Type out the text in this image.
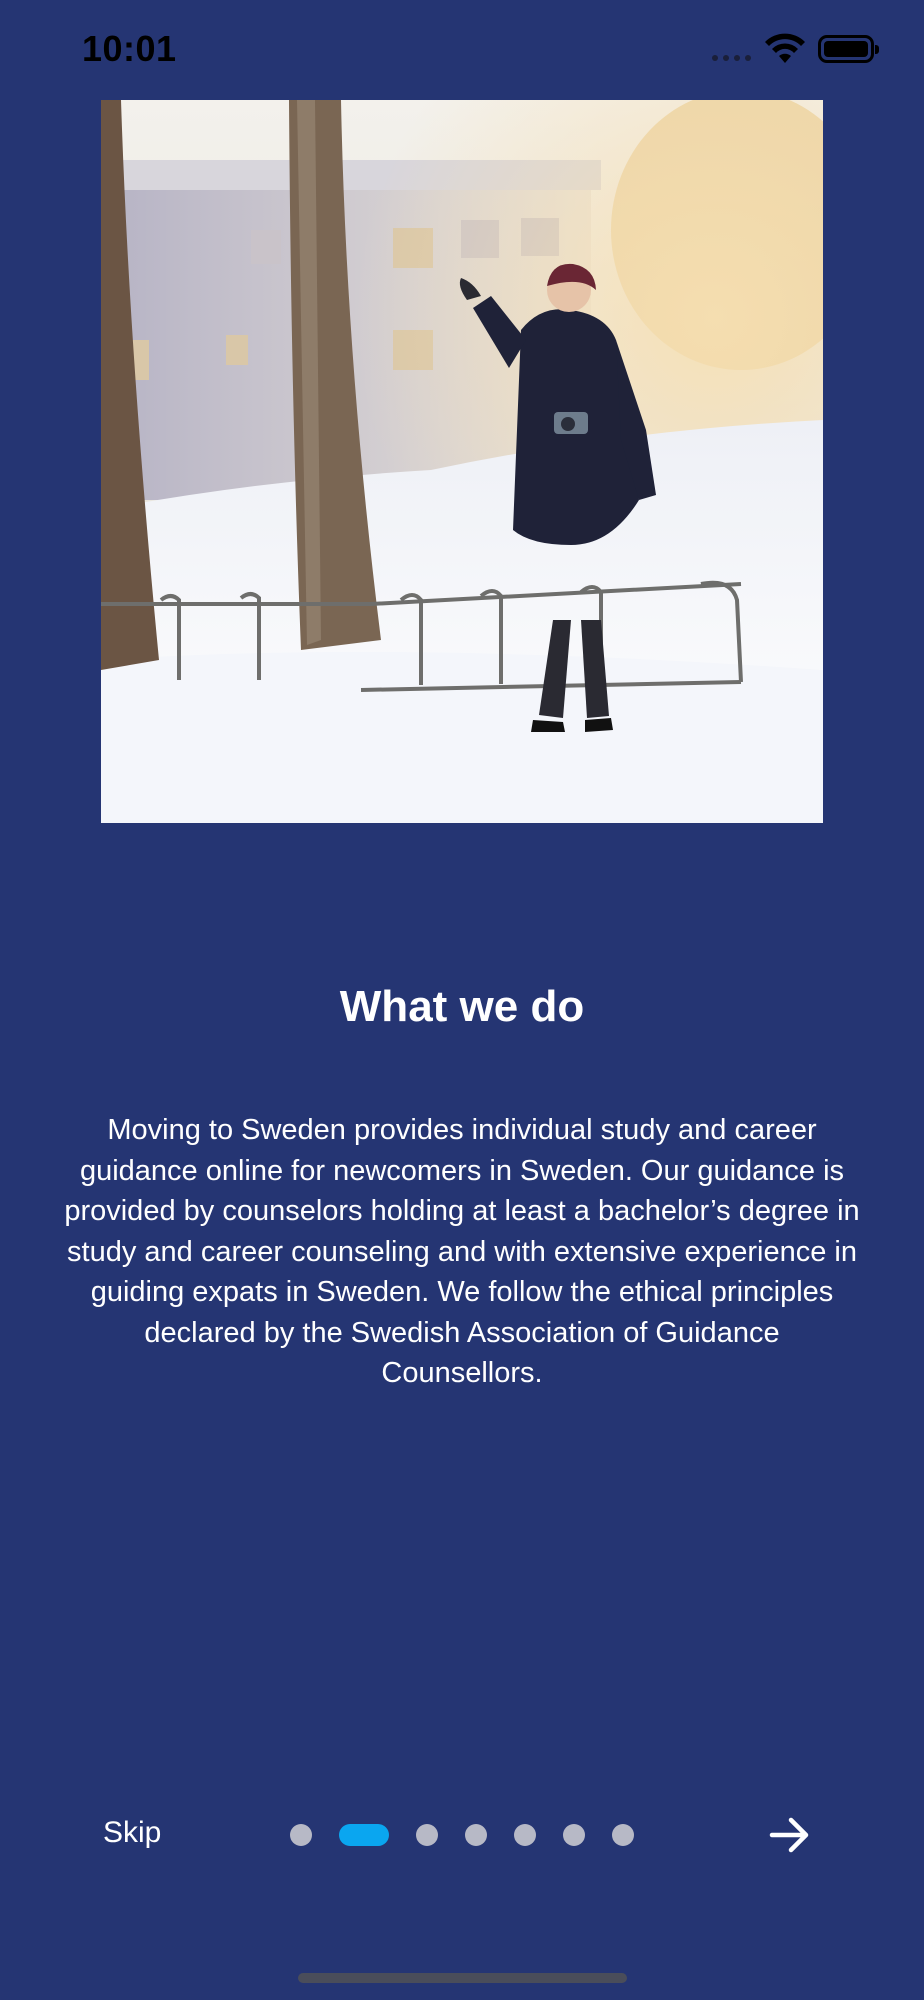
10:01
What we do

Moving to Sweden provides individual study and career guidance online for newcomers in Sweden. Our guidance is provided by counselors holding at least a bachelor’s degree in study and career counseling and with extensive experience in guiding expats in Sweden. We follow the ethical principles declared by the Swedish Association of Guidance Counsellors.

Skip
